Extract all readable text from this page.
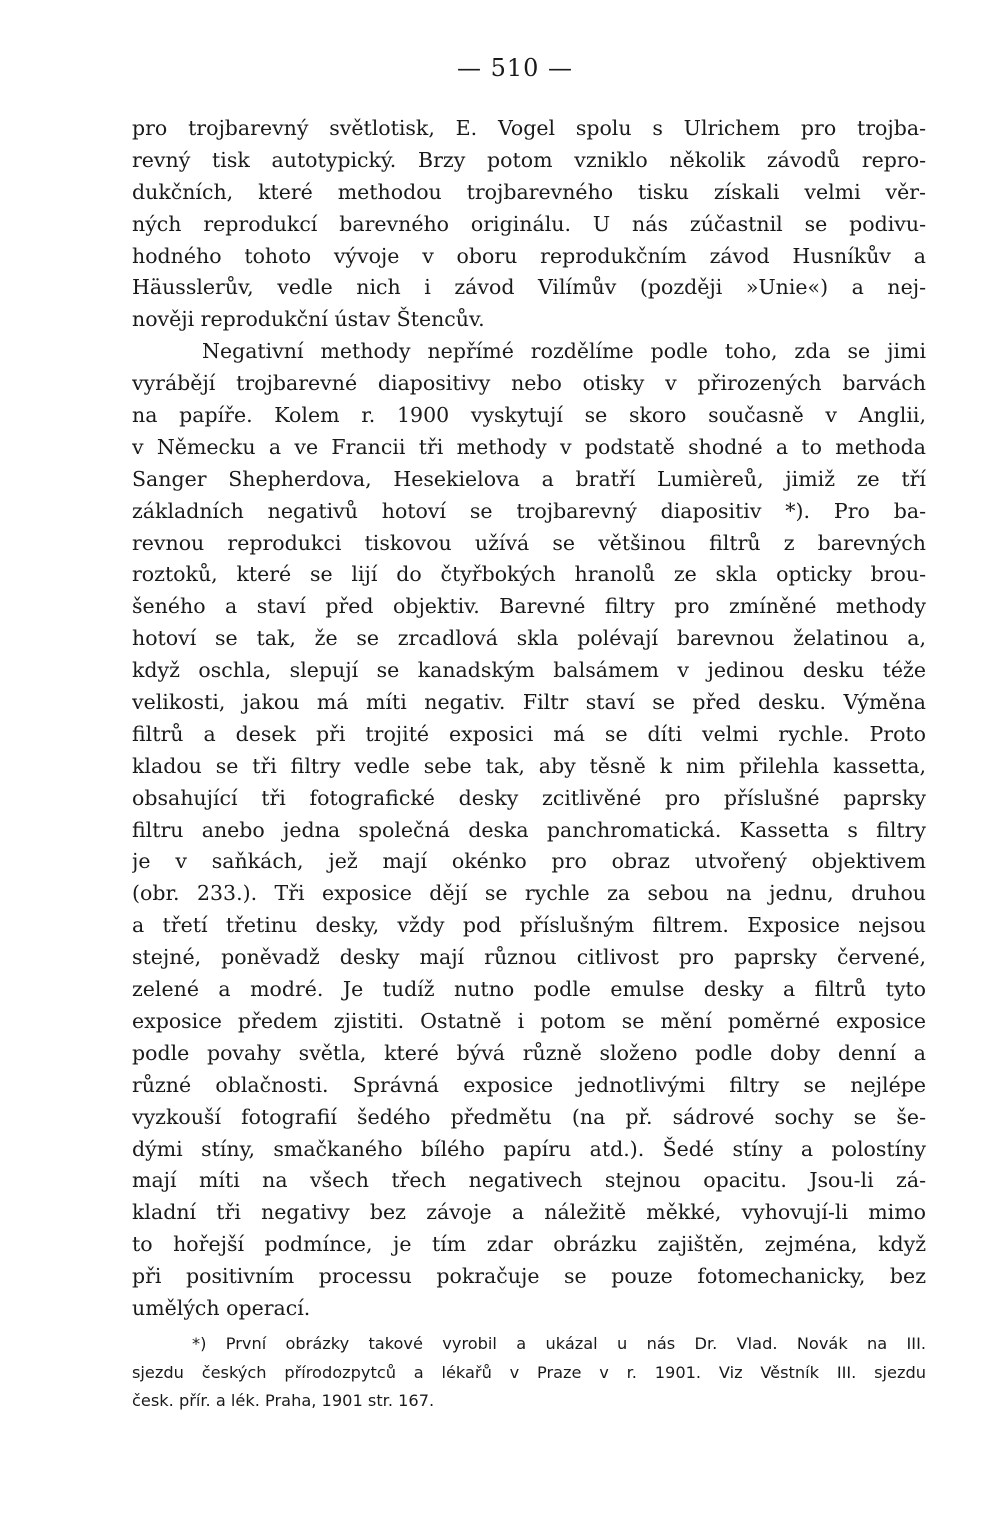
— 510 —
pro trojbarevný světlotisk, E. Vogel spolu s Ulrichem pro trojba-
revný tisk autotypický. Brzy potom vzniklo několik závodů repro-
dukčních, které methodou trojbarevného tisku získali velmi věr-
ných reprodukcí barevného originálu. U nás zúčastnil se podivu-
hodného tohoto vývoje v oboru reprodukčním závod Husníkův a
Häusslerův, vedle nich i závod Vilímův (později »Unie«) a nej-
nověji reprodukční ústav Štencův.
Negativní methody nepřímé rozdělíme podle toho, zda se jimi
vyrábějí trojbarevné diapositivy nebo otisky v přirozených barvách
na papíře. Kolem r. 1900 vyskytují se skoro současně v Anglii,
v Německu a ve Francii tři methody v podstatě shodné a to methoda
Sanger Shepherdova, Hesekielova a bratří Lumièreů, jimiž ze tří
základních negativů hotoví se trojbarevný diapositiv *). Pro ba-
revnou reprodukci tiskovou užívá se většinou filtrů z barevných
roztoků, které se lijí do čtyřbokých hranolů ze skla opticky brou-
šeného a staví před objektiv. Barevné filtry pro zmíněné methody
hotoví se tak, že se zrcadlová skla polévají barevnou želatinou a,
když oschla, slepují se kanadským balsámem v jedinou desku téže
velikosti, jakou má míti negativ. Filtr staví se před desku. Výměna
filtrů a desek při trojité exposici má se díti velmi rychle. Proto
kladou se tři filtry vedle sebe tak, aby těsně k nim přilehla kassetta,
obsahující tři fotografické desky zcitlivěné pro příslušné paprsky
filtru anebo jedna společná deska panchromatická. Kassetta s filtry
je v saňkách, jež mají okénko pro obraz utvořený objektivem
(obr. 233.). Tři exposice dějí se rychle za sebou na jednu, druhou
a třetí třetinu desky, vždy pod příslušným filtrem. Exposice nejsou
stejné, poněvadž desky mají různou citlivost pro paprsky červené,
zelené a modré. Je tudíž nutno podle emulse desky a filtrů tyto
exposice předem zjistiti. Ostatně i potom se mění poměrné exposice
podle povahy světla, které bývá různě složeno podle doby denní a
různé oblačnosti. Správná exposice jednotlivými filtry se nejlépe
vyzkouší fotografií šedého předmětu (na př. sádrové sochy se še-
dými stíny, smačkaného bílého papíru atd.). Šedé stíny a polostíny
mají míti na všech třech negativech stejnou opacitu. Jsou-li zá-
kladní tři negativy bez závoje a náležitě měkké, vyhovují-li mimo
to hořejší podmínce, je tím zdar obrázku zajištěn, zejména, když
při positivním processu pokračuje se pouze fotomechanicky, bez
umělých operací.
*) První obrázky takové vyrobil a ukázal u nás Dr. Vlad. Novák na III.
sjezdu českých přírodozpytců a lékařů v Praze v r. 1901. Viz Věstník III. sjezdu
česk. přír. a lék. Praha, 1901 str. 167.
